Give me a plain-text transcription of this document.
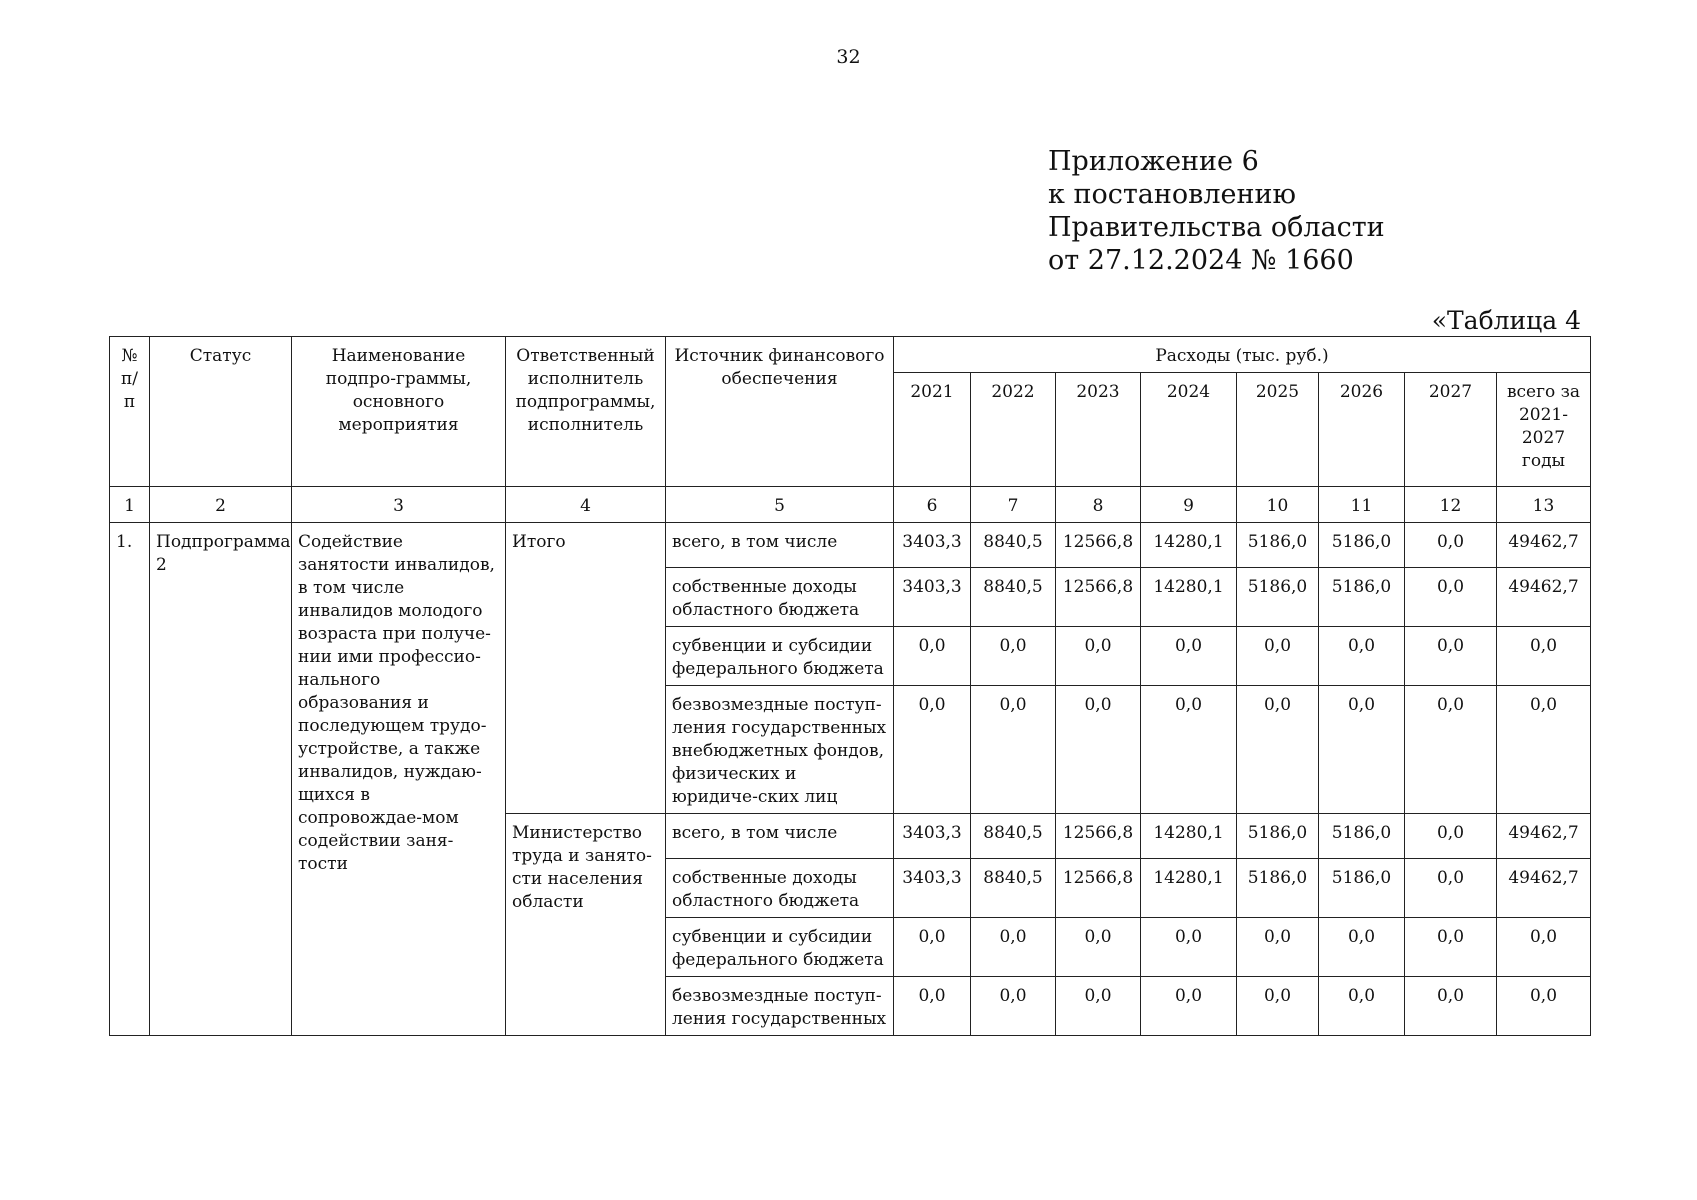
32
Приложение 6
к постановлению
Правительства области
от 27.12.2024 № 1660
«Таблица 4
№ п/п	Статус	Наименование подпро-граммы, основного мероприятия	Ответственный исполнитель подпрограммы, исполнитель	Источник финансового обеспечения	Расходы (тыс. руб.)							
					2021	2022	2023	2024	2025	2026	2027	всего за 2021-2027 годы
1	2	3	4	5	6	7	8	9	10	11	12	13
1.	Подпрограмма 2	Содействие занятости инвалидов, в том числе инвалидов молодого возраста при получе-нии ими профессио-нального образования и последующем трудо-устройстве, а также инвалидов, нуждаю-щихся в сопровождае-мом содействии заня-тости	Итого	всего, в том числе	3403,3	8840,5	12566,8	14280,1	5186,0	5186,0	0,0	49462,7
				собственные доходы областного бюджета	3403,3	8840,5	12566,8	14280,1	5186,0	5186,0	0,0	49462,7
				субвенции и субсидии федерального бюджета	0,0	0,0	0,0	0,0	0,0	0,0	0,0	0,0
				безвозмездные поступ-ления государственных внебюджетных фондов, физических и юридиче-ских лиц	0,0	0,0	0,0	0,0	0,0	0,0	0,0	0,0
			Министерство труда и занято-сти населения области	всего, в том числе	3403,3	8840,5	12566,8	14280,1	5186,0	5186,0	0,0	49462,7
				собственные доходы областного бюджета	3403,3	8840,5	12566,8	14280,1	5186,0	5186,0	0,0	49462,7
				субвенции и субсидии федерального бюджета	0,0	0,0	0,0	0,0	0,0	0,0	0,0	0,0
				безвозмездные поступ-ления государственных	0,0	0,0	0,0	0,0	0,0	0,0	0,0	0,0
